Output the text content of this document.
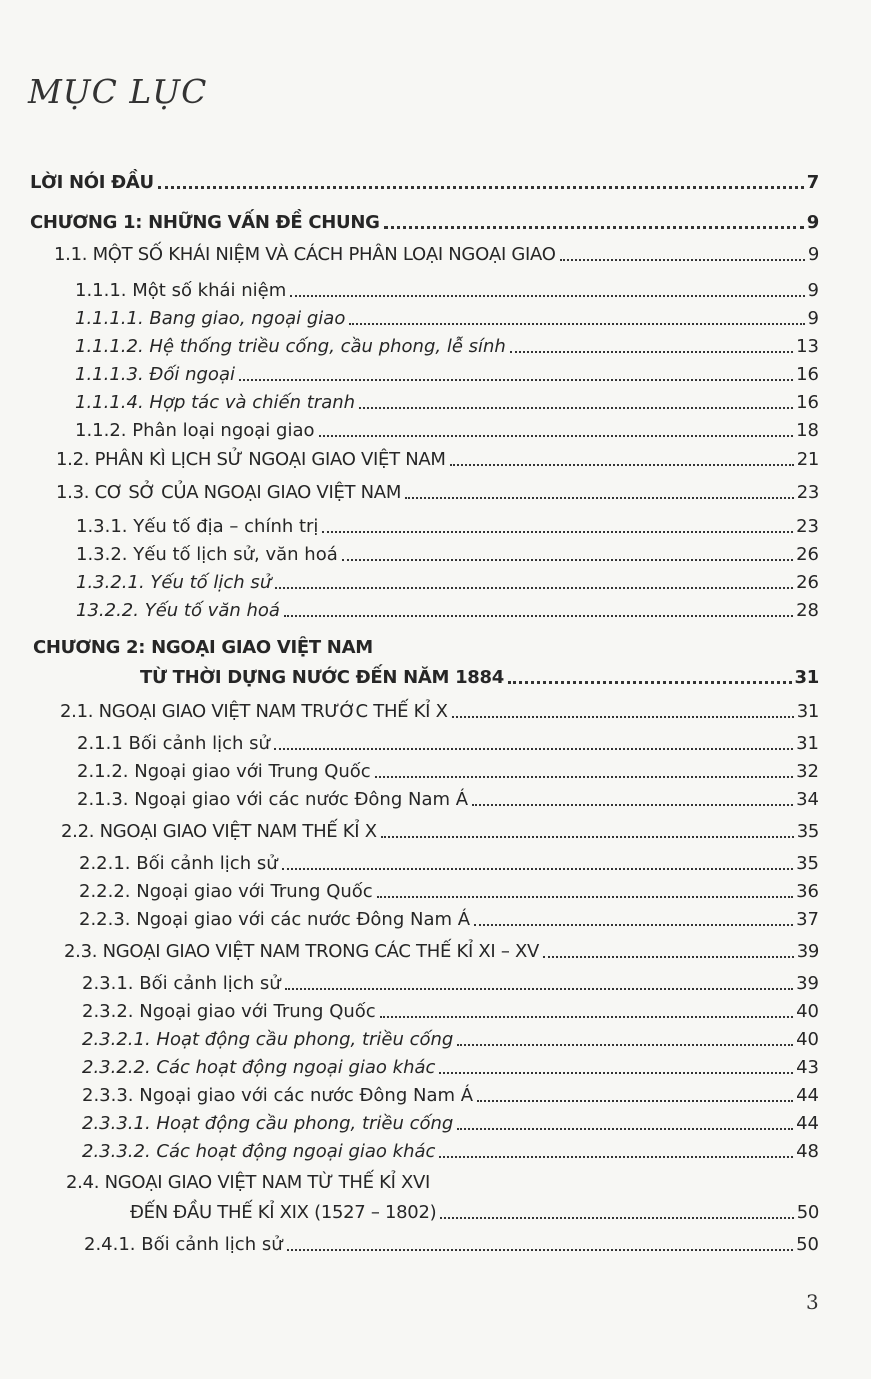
MỤC LỤC
LỜI NÓI ĐẦU	7
CHƯƠNG 1: NHỮNG VẤN ĐỀ CHUNG	9
1.1. MỘT SỐ KHÁI NIỆM VÀ CÁCH PHÂN LOẠI NGOẠI GIAO	9
1.1.1. Một số khái niệm	9
1.1.1.1. Bang giao, ngoại giao	9
1.1.1.2. Hệ thống triều cống, cầu phong, lễ sính	13
1.1.1.3. Đối ngoại	16
1.1.1.4. Hợp tác và chiến tranh	16
1.1.2. Phân loại ngoại giao	18
1.2. PHÂN KÌ LỊCH SỬ NGOẠI GIAO VIỆT NAM	21
1.3. CƠ SỞ CỦA NGOẠI GIAO VIỆT NAM	23
1.3.1. Yếu tố địa – chính trị	23
1.3.2. Yếu tố lịch sử, văn hoá	26
1.3.2.1. Yếu tố lịch sử	26
13.2.2. Yếu tố văn hoá	28
CHƯƠNG 2: NGOẠI GIAO VIỆT NAM
TỪ THỜI DỰNG NƯỚC ĐẾN NĂM 1884	31
2.1. NGOẠI GIAO VIỆT NAM TRƯỚC THẾ KỈ X	31
2.1.1 Bối cảnh lịch sử	31
2.1.2. Ngoại giao với Trung Quốc	32
2.1.3. Ngoại giao với các nước Đông Nam Á	34
2.2. NGOẠI GIAO VIỆT NAM THẾ KỈ X	35
2.2.1. Bối cảnh lịch sử	35
2.2.2. Ngoại giao với Trung Quốc	36
2.2.3. Ngoại giao với các nước Đông Nam Á	37
2.3. NGOẠI GIAO VIỆT NAM TRONG CÁC THẾ KỈ XI – XV	39
2.3.1. Bối cảnh lịch sử	39
2.3.2. Ngoại giao với Trung Quốc	40
2.3.2.1. Hoạt động cầu phong, triều cống	40
2.3.2.2. Các hoạt động ngoại giao khác	43
2.3.3. Ngoại giao với các nước Đông Nam Á	44
2.3.3.1. Hoạt động cầu phong, triều cống	44
2.3.3.2. Các hoạt động ngoại giao khác	48
2.4. NGOẠI GIAO VIỆT NAM TỪ THẾ KỈ XVI
ĐẾN ĐẦU THẾ KỈ XIX (1527 – 1802)	50
2.4.1. Bối cảnh lịch sử	50
3
